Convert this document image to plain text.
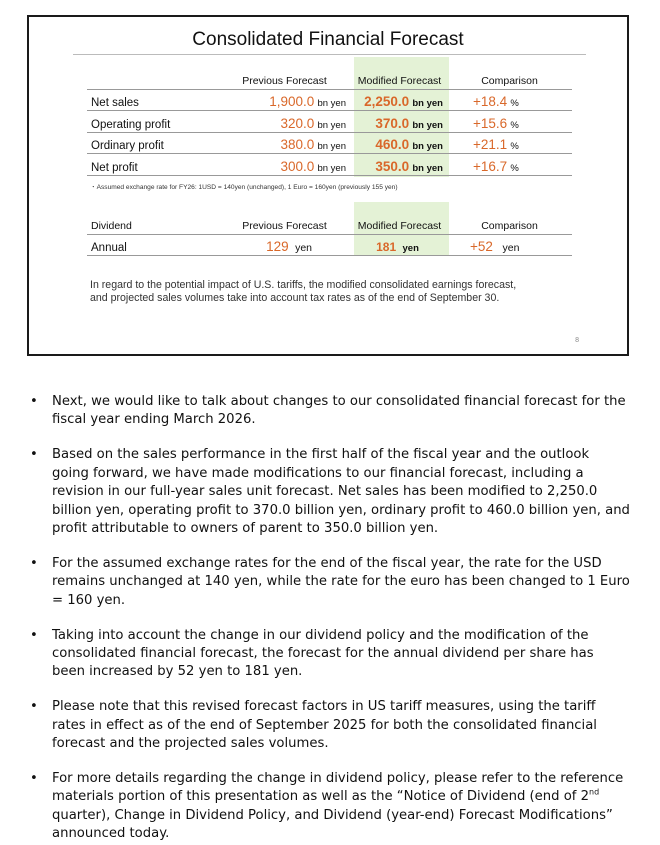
Consolidated Financial Forecast
	Previous Forecast	Modified Forecast	Comparison
Net sales	1,900.0 bn yen	2,250.0 bn yen	+18.4 %
Operating profit	320.0 bn yen	370.0 bn yen	+15.6 %
Ordinary profit	380.0 bn yen	460.0 bn yen	+21.1 %
Net profit	300.0 bn yen	350.0 bn yen	+16.7 %
・Assumed exchange rate for FY26: 1USD = 140yen (unchanged), 1 Euro = 160yen (previously 155 yen)
Dividend	Previous Forecast	Modified Forecast	Comparison
Annual	129 yen	181 yen	+52 yen
In regard to the potential impact of U.S. tariffs, the modified consolidated earnings forecast,
and projected sales volumes take into account tax rates as of the end of September 30.
8
• Next, we would like to talk about changes to our consolidated financial forecast for the fiscal year ending March 2026.
• Based on the sales performance in the first half of the fiscal year and the outlook going forward, we have made modifications to our financial forecast, including a revision in our full-year sales unit forecast. Net sales has been modified to 2,250.0 billion yen, operating profit to 370.0 billion yen, ordinary profit to 460.0 billion yen, and profit attributable to owners of parent to 350.0 billion yen.
• For the assumed exchange rates for the end of the fiscal year, the rate for the USD remains unchanged at 140 yen, while the rate for the euro has been changed to 1 Euro = 160 yen.
• Taking into account the change in our dividend policy and the modification of the consolidated financial forecast, the forecast for the annual dividend per share has been increased by 52 yen to 181 yen.
• Please note that this revised forecast factors in US tariff measures, using the tariff rates in effect as of the end of September 2025 for both the consolidated financial forecast and the projected sales volumes.
• For more details regarding the change in dividend policy, please refer to the reference materials portion of this presentation as well as the “Notice of Dividend (end of 2nd quarter), Change in Dividend Policy, and Dividend (year-end) Forecast Modifications” announced today.
